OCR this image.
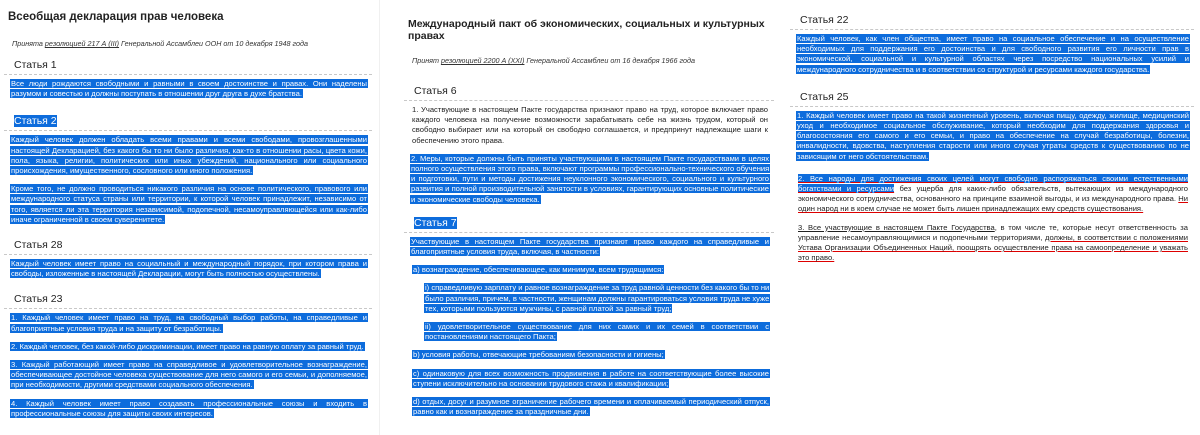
Всеобщая декларация прав человека
Принята резолюцией 217 А (III) Генеральной Ассамблеи ООН от 10 декабря 1948 года
Статья 1
Все люди рождаются свободными и равными в своем достоинстве и правах. Они наделены разумом и совестью и должны поступать в отношении друг друга в духе братства.
Статья 2
Каждый человек должен обладать всеми правами и всеми свободами, провозглашенными настоящей Декларацией, без какого бы то ни было различия, как-то в отношении расы, цвета кожи, пола, языка, религии, политических или иных убеждений, национального или социального происхождения, имущественного, сословного или иного положения.
Кроме того, не должно проводиться никакого различия на основе политического, правового или международного статуса страны или территории, к которой человек принадлежит, независимо от того, является ли эта территория независимой, подопечной, несамоуправляющейся или как-либо иначе ограниченной в своем суверенитете.
Статья 28
Каждый человек имеет право на социальный и международный порядок, при котором права и свободы, изложенные в настоящей Декларации, могут быть полностью осуществлены.
Статья 23
1. Каждый человек имеет право на труд, на свободный выбор работы, на справедливые и благоприятные условия труда и на защиту от безработицы.
2. Каждый человек, без какой-либо дискриминации, имеет право на равную оплату за равный труд.
3. Каждый работающий имеет право на справедливое и удовлетворительное вознаграждение, обеспечивающее достойное человека существование для него самого и его семьи, и дополняемое, при необходимости, другими средствами социального обеспечения.
4. Каждый человек имеет право создавать профессиональные союзы и входить в профессиональные союзы для защиты своих интересов.
Международный пакт об экономических, социальных и культурных правах
Принят резолюцией 2200 A (XXI) Генеральной Ассамблеи от 16 декабря 1966 года
Статья 6
1. Участвующие в настоящем Пакте государства признают право на труд, которое включает право каждого человека на получение возможности зарабатывать себе на жизнь трудом, который он свободно выбирает или на который он свободно соглашается, и предпринут надлежащие шаги к обеспечению этого права.
2. Меры, которые должны быть приняты участвующими в настоящем Пакте государствами в целях полного осуществления этого права, включают программы профессионально-технического обучения и подготовки, пути и методы достижения неуклонного экономического, социального и культурного развития и полной производительной занятости в условиях, гарантирующих основные политические и экономические свободы человека.
Статья 7
Участвующие в настоящем Пакте государства признают право каждого на справедливые и благоприятные условия труда, включая, в частности:
а) вознаграждение, обеспечивающее, как минимум, всем трудящимся:
i) справедливую зарплату и равное вознаграждение за труд равной ценности без какого бы то ни было различия, причем, в частности, женщинам должны гарантироваться условия труда не хуже тех, которыми пользуются мужчины, с равной платой за равный труд;
ii) удовлетворительное существование для них самих и их семей в соответствии с постановлениями настоящего Пакта;
b) условия работы, отвечающие требованиям безопасности и гигиены;
c) одинаковую для всех возможность продвижения в работе на соответствующие более высокие ступени исключительно на основании трудового стажа и квалификации;
d) отдых, досуг и разумное ограничение рабочего времени и оплачиваемый периодический отпуск, равно как и вознаграждение за праздничные дни.
Статья 22
Каждый человек, как член общества, имеет право на социальное обеспечение и на осуществление необходимых для поддержания его достоинства и для свободного развития его личности прав в экономической, социальной и культурной областях через посредство национальных усилий и международного сотрудничества и в соответствии со структурой и ресурсами каждого государства.
Статья 25
1. Каждый человек имеет право на такой жизненный уровень, включая пищу, одежду, жилище, медицинский уход и необходимое социальное обслуживание, который необходим для поддержания здоровья и благосостояния его самого и его семьи, и право на обеспечение на случай безработицы, болезни, инвалидности, вдовства, наступления старости или иного случая утраты средств к существованию по не зависящим от него обстоятельствам.
2. Все народы для достижения своих целей могут свободно распоряжаться своими естественными богатствами и ресурсами без ущерба для каких-либо обязательств, вытекающих из международного экономического сотрудничества, основанного на принципе взаимной выгоды, и из международного права. Ни один народ ни в коем случае не может быть лишен принадлежащих ему средств существования.
3. Все участвующие в настоящем Пакте Государства, в том числе те, которые несут ответственность за управление несамоуправляющимися и подопечными территориями, должны, в соответствии с положениями Устава Организации Объединенных Наций, поощрять осуществление права на самоопределение и уважать это право.
